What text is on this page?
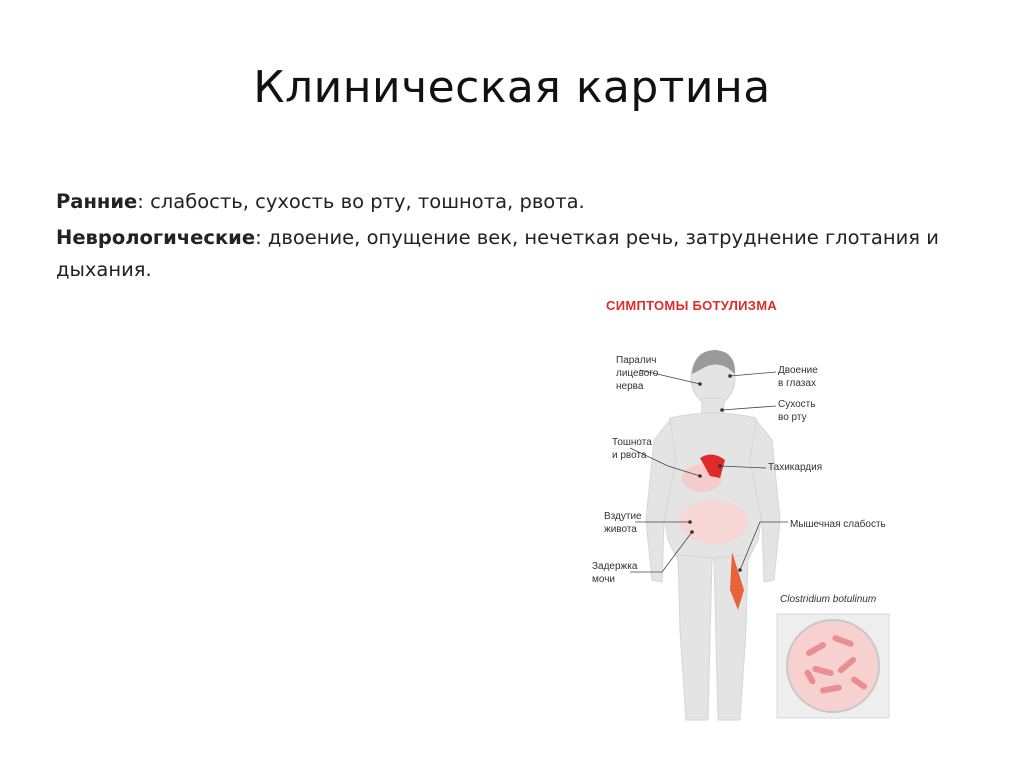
Клиническая картина

Ранние: слабость, сухость во рту, тошнота, рвота.

Неврологические: двоение, опущение век, нечеткая речь, затруднение глотания и дыхания.

СИМПТОМЫ БОТУЛИЗМА
Паралич
лицевого
нерва
Двоение
в глазах
Сухость
во рту
Тошнота
и рвота
Тахикардия
Вздутие
живота	Мышечная слабость
Задержка
мочи
Clostridium botulinum
